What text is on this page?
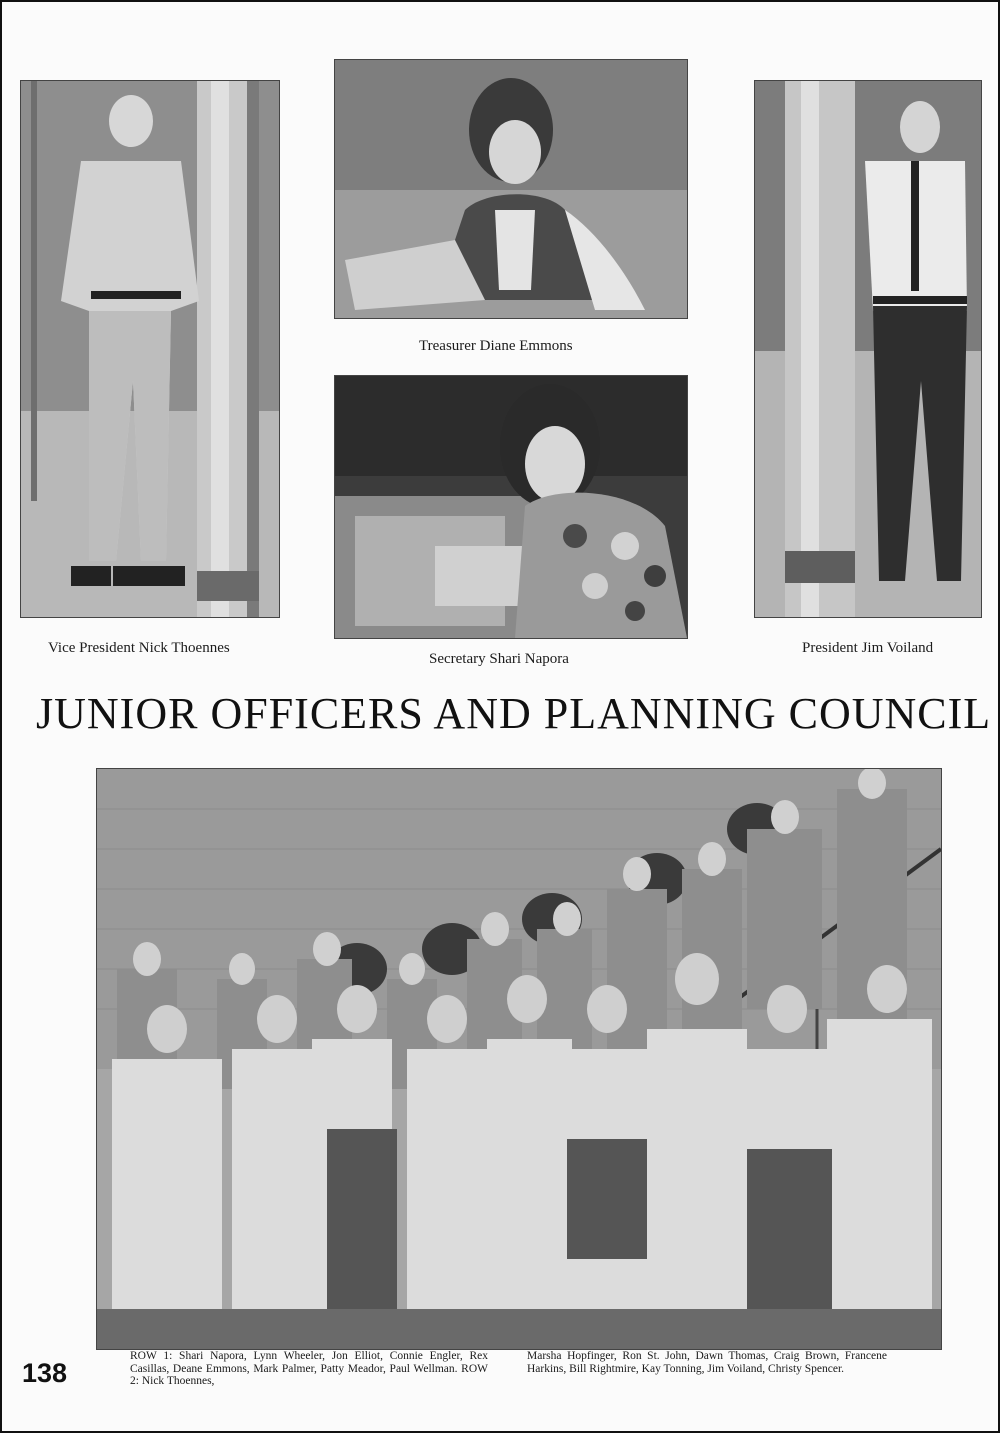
Treasurer Diane Emmons
Vice President Nick Thoennes
Secretary Shari Napora
President Jim Voiland
JUNIOR OFFICERS AND PLANNING COUNCIL
138
ROW 1: Shari Napora, Lynn Wheeler, Jon Elliot, Connie Engler, Rex Casillas, Deane Emmons, Mark Palmer, Patty Meador, Paul Wellman. ROW 2: Nick Thoennes,
Marsha Hopfinger, Ron St. John, Dawn Thomas, Craig Brown, Francene Harkins, Bill Rightmire, Kay Tonning, Jim Voiland, Christy Spencer.
